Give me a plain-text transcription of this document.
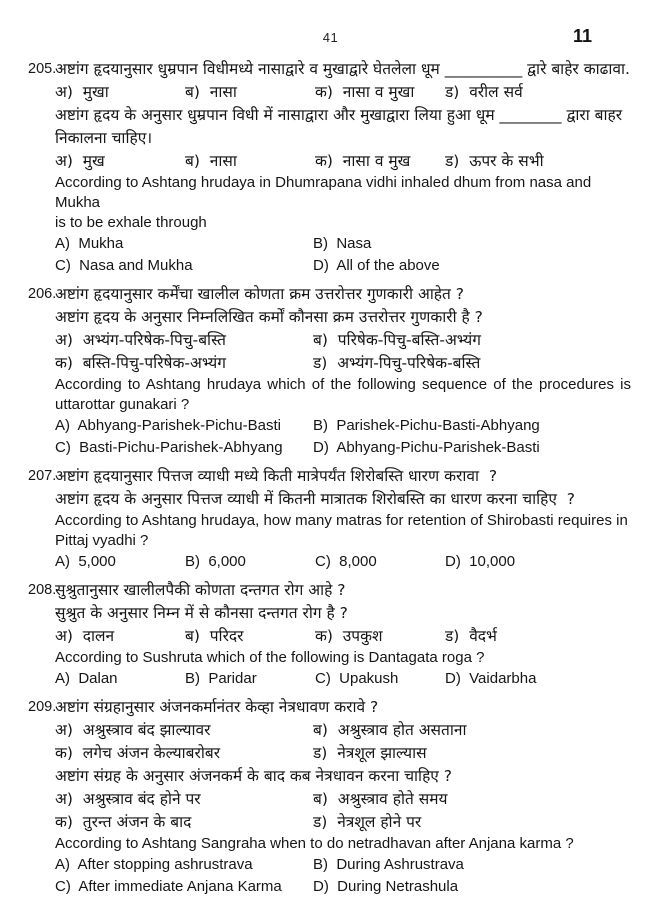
41	11
205.

अष्टांग हृदयानुसार धुम्रपान विधीमध्ये नासाद्वारे व मुखाद्वारे घेतलेला धूम __________ द्वारे बाहेर काढावा.

अ)  मुखा	ब)  नासा	क)  नासा व मुखा	ड)  वरील सर्व

अष्टांग हृदय के अनुसार धुम्रपान विधी में नासाद्वारा और मुखाद्वारा लिया हुआ धूम ________ द्वारा बाहर निकालना चाहिए।

अ)  मुख	ब)  नासा	क)  नासा व मुख	ड)  ऊपर के सभी

According to Ashtang hrudaya in Dhumrapana vidhi inhaled dhum from nasa and Mukha

is to be exhale through

A)  Mukha	B)  Nasa
C)  Nasa and Mukha	D)  All of the above
206.

अष्टांग हृदयानुसार कर्मेंचा खालील कोणता क्रम उत्तरोत्तर गुणकारी आहेत ?

अष्टांग हृदय के अनुसार निम्नलिखित कर्मों कौनसा क्रम उत्तरोत्तर गुणकारी है ?

अ)  अभ्यंग-परिषेक-पिचु-बस्ति	ब)  परिषेक-पिचु-बस्ति-अभ्यंग
क)  बस्ति-पिचु-परिषेक-अभ्यंग	ड)  अभ्यंग-पिचु-परिषेक-बस्ति

According to Ashtang hrudaya which of the following sequence of the procedures is

uttarottar gunakari ?

A)  Abhyang-Parishek-Pichu-Basti	B)  Parishek-Pichu-Basti-Abhyang
C)  Basti-Pichu-Parishek-Abhyang	D)  Abhyang-Pichu-Parishek-Basti
207.

अष्टांग हृदयानुसार पित्तज व्याधी मध्ये किती मात्रेपर्यंत शिरोबस्ति धारण करावा  ?

अष्टांग हृदय के अनुसार पित्तज व्याधी में कितनी मात्रातक शिरोबस्ति का धारण करना चाहिए  ?

According to Ashtang hrudaya, how many matras for retention of Shirobasti requires in

Pittaj vyadhi ?

A)  5,000	B)  6,000	C)  8,000	D)  10,000
208.

सुश्रुतानुसार खालीलपैकी कोणता दन्तगत रोग आहे ?

सुश्रुत के अनुसार निम्न में से कौनसा दन्तगत रोग है ?

अ)  दालन	ब)  परिदर	क)  उपकुश	ड)  वैदर्भ

According to Sushruta which of the following is Dantagata roga ?

A)  Dalan	B)  Paridar	C)  Upakush	D)  Vaidarbha
209.

अष्टांग संग्रहानुसार अंजनकर्मानंतर केव्हा नेत्रधावण करावे ?

अ)  अश्रुस्त्राव बंद झाल्यावर	ब)  अश्रुस्त्राव होत असताना
क)  लगेच अंजन केल्याबरोबर	ड)  नेत्रशूल झाल्यास

अष्टांग संग्रह के अनुसार अंजनकर्म के बाद कब नेत्रधावन करना चाहिए ?

अ)  अश्रुस्त्राव बंद होने पर	ब)  अश्रुस्त्राव होते समय
क)  तुरन्त अंजन के बाद	ड)  नेत्रशूल होने पर

According to Ashtang Sangraha when to do netradhavan after Anjana karma ?

A)  After stopping ashrustrava	B)  During Ashrustrava
C)  After immediate Anjana Karma	D)  During Netrashula
